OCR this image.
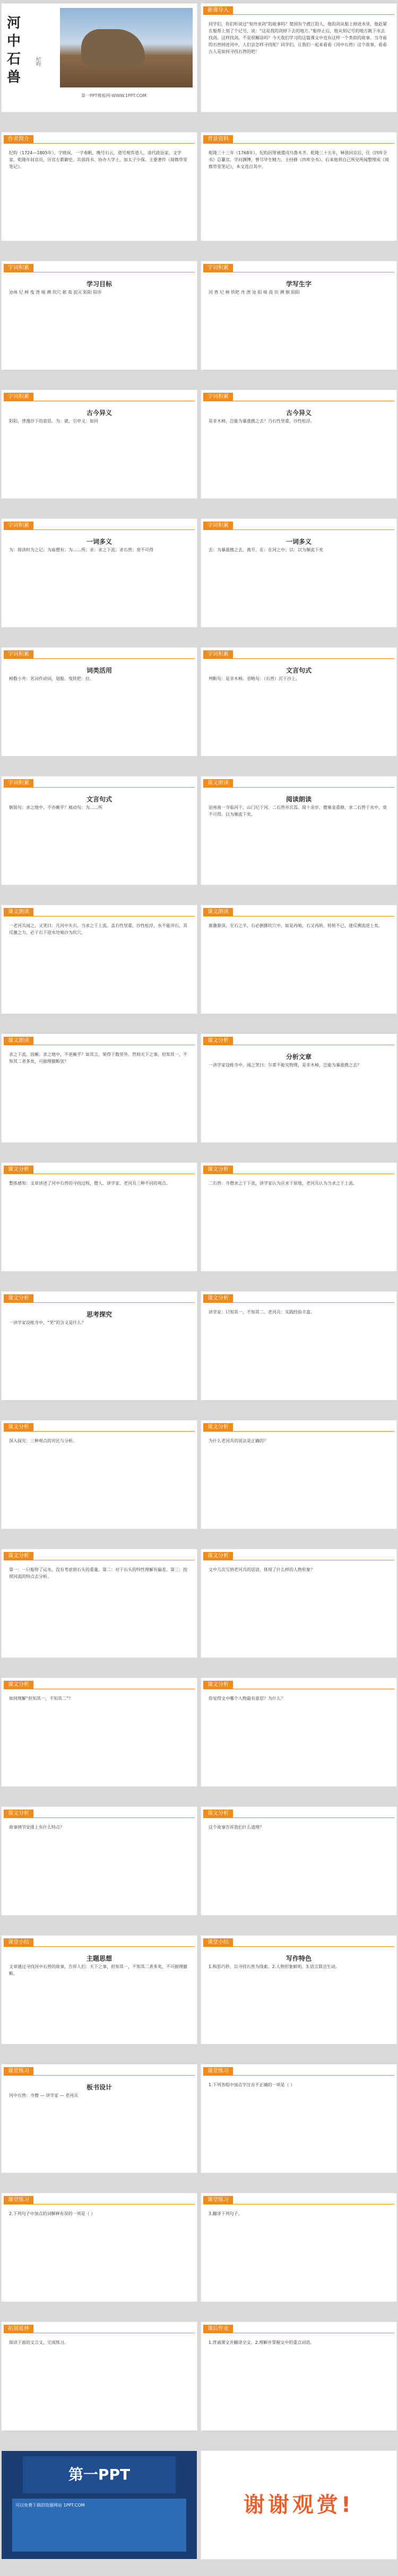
河
中
石
兽
纪昀
第一PPT模板网-WWW.1PPT.COM
新课导入
同学们，你们听说过“刻舟求剑”的故事吗？楚国有个渡江的人，他的剑从船上掉进水里，他赶紧在船帮上刻了个记号，说：“这是我的剑掉下去的地方。”船停止后，他从刻记号的地方跳下水去找剑。这样找剑，不是很糊涂吗？今天我们学习的这篇课文中也有这样一个类似的故事。当寺庙的石兽掉进河中，人们会怎样寻找呢？同学们，让我们一起来看看《河中石兽》这个故事，看看古人是如何寻找石兽的吧！
作者简介
纪昀（1724—1805年），字晓岚，一字春帆，晚号石云，道号观弈道人，清代政治家、文学家。乾隆年间官员，历官左都御史、兵部尚书、协办大学士，加太子少保。主要著作《阅微草堂笔记》。
背景资料
乾隆三十三年（1768年），纪昀因罪被遣戍乌鲁木齐。乾隆三十五年，释放回京后，任《四库全书》总纂官。学问渊博，曾尽毕生精力，主持修《四库全书》。后来他将自己所见所闻整理成《阅微草堂笔记》，本文选自其中。
字词积累
学习目标
沧州 圮 棹 曳 湮 啮 溯 坎穴 欹 哉 泯灭 阳阳 阳亦
字词积累
学写生字
河 兽 圮 棹 铁钯 舟 湮 沧 阳 啮 流 坎 溯 倒 阳阳
字词积累
古今异义
阳阳，湮漫沙下的意思。为：就，引申义：如同
字词积累
古今异义
是非木柿，岂能为暴涨携之去？乃石性坚重，沙性松浮。
字词积累
一词多义
为：阅读时为之记；为庙僧有；为……所；求：求之下流；求石兽；竟不可得
字词积累
一词多义
去：为暴涨携之去，离开。在：在河之中；以：以为顺流下矣
字词积累
词类活用
棹数小舟：名词作动词，划船。曳铁钯：拉。
字词积累
文言句式
判断句：是非木柿。省略句：（石兽）沉于沙上。
字词积累
文言句式
倒装句：求之地中，不亦颠乎？被动句：为……所
课文朗读
阅读朗读
沧州南一寺临河干，山门圮于河，二石兽并沉焉。阅十余岁，僧募金重修，求二石兽于水中，竟不可得。以为顺流下矣。
课文朗读
一老河兵闻之，又笑曰：凡河中失石，当求之于上流。盖石性坚重，沙性松浮，水不能冲石，其反激之力，必于石下迎水处啮沙为坎穴。
课文朗读
渐激渐深，至石之半，石必倒掷坎穴中。如是再啮，石又再转。转转不已，遂反溯流逆上矣。
课文朗读
求之下流，固颠；求之地中，不更颠乎？如其言，果得于数里外。然则天下之事，但知其一，不知其二者多矣，可据理臆断欤？
课文分析
分析文章
一讲学家设帐寺中，闻之笑曰：尔辈不能究物理，是非木柿，岂能为暴涨携之去？
课文分析
整体感知：文章讲述了河中石兽的寻找过程，僧人、讲学家、老河兵三种不同的观点。
课文分析
二石兽：寺僧求之于下流，讲学家认为应求于原地，老河兵认为当求之于上流。
课文分析
思考探究
一讲学家设帐寺中，“笑”的含义是什么？
课文分析
讲学家：只知其一，不知其二。老河兵：实践经验丰富。
课文分析
深入探究：三种观点的对比与分析。
课文分析
为什么老河兵的说法是正确的？
课文分析
第一：一只船停了运水，没有考虑到石头的重量。第二：对于石头的特性理解有偏差。第三：按照河流的特点去分析。
课文分析
文中几次写到老河兵的话语，体现了什么样的人物形象？
课文分析
如何理解“但知其一，不知其二”？
课文分析
你觉得文中哪个人物最有意思？为什么？
课文分析
故事情节安排上有什么特点？
课文分析
这个故事告诉我们什么道理？
课堂小结
主题思想
文章通过寻找河中石兽的故事，告诉人们：天下之事，但知其一，不知其二者多矣，不可据理臆断。
课堂小结
写作特色
1.构思巧妙，以寻找石兽为线索。2.人物形象鲜明。3.语言简洁生动。
课堂练习
板书设计
河中石兽：寺僧 — 讲学家 — 老河兵
课堂练习
1.下列各组中加点字注音不正确的一项是（ ）
课堂练习
2.下列句子中加点的词解释有误的一项是（ ）
课堂练习
3.翻译下列句子。
拓展延伸
阅读下面的文言文，完成练习。
课后作业
1.背诵课文并翻译全文。2.理解并掌握文中的重点词语。
第一PPT
可以免费下载的资源网站 1PPT.COM	谢谢观赏!
